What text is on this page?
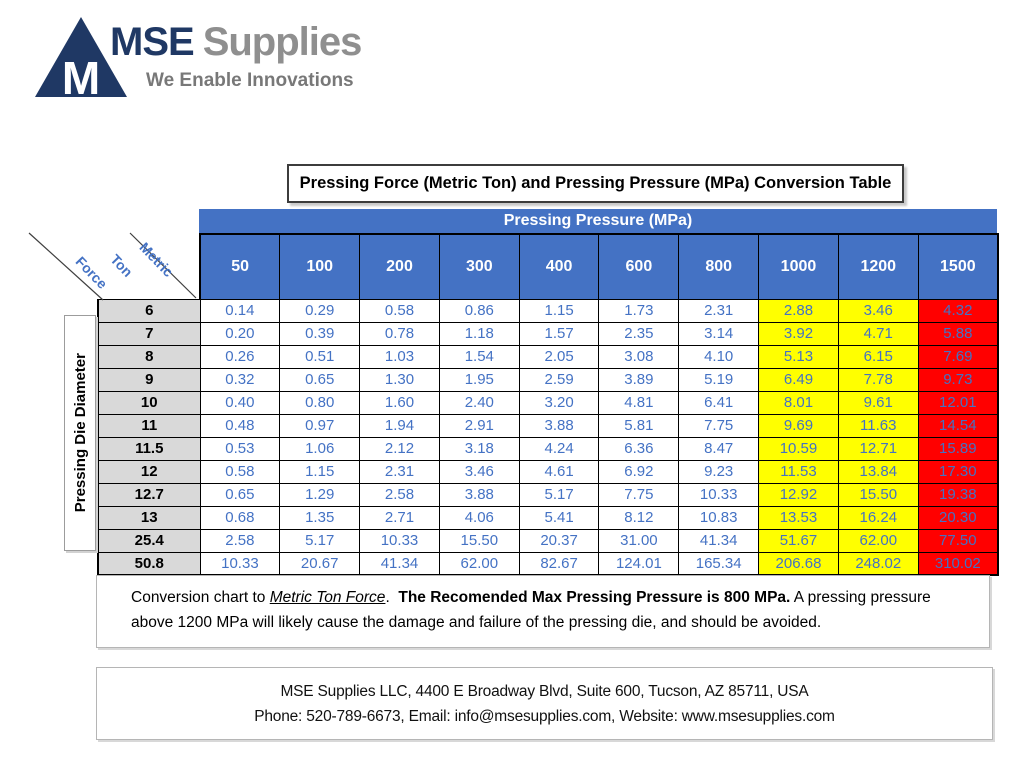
M
MSE Supplies
We Enable Innovations
Pressing Force (Metric Ton) and Pressing Pressure (MPa) Conversion Table
Pressing Pressure (MPa)
	50	100	200	300	400	600	800	1000	1200	1500
6	0.14	0.29	0.58	0.86	1.15	1.73	2.31	2.88	3.46	4.32
7	0.20	0.39	0.78	1.18	1.57	2.35	3.14	3.92	4.71	5.88
8	0.26	0.51	1.03	1.54	2.05	3.08	4.10	5.13	6.15	7.69
9	0.32	0.65	1.30	1.95	2.59	3.89	5.19	6.49	7.78	9.73
10	0.40	0.80	1.60	2.40	3.20	4.81	6.41	8.01	9.61	12.01
11	0.48	0.97	1.94	2.91	3.88	5.81	7.75	9.69	11.63	14.54
11.5	0.53	1.06	2.12	3.18	4.24	6.36	8.47	10.59	12.71	15.89
12	0.58	1.15	2.31	3.46	4.61	6.92	9.23	11.53	13.84	17.30
12.7	0.65	1.29	2.58	3.88	5.17	7.75	10.33	12.92	15.50	19.38
13	0.68	1.35	2.71	4.06	5.41	8.12	10.83	13.53	16.24	20.30
25.4	2.58	5.17	10.33	15.50	20.37	31.00	41.34	51.67	62.00	77.50
50.8	10.33	20.67	41.34	62.00	82.67	124.01	165.34	206.68	248.02	310.02
Force
Ton Metric
Pressing Die Diameter
Conversion chart to Metric Ton Force.  The Recomended Max Pressing Pressure is 800 MPa. A pressing pressure above 1200 MPa will likely cause the damage and failure of the pressing die, and should be avoided.
MSE Supplies LLC, 4400 E Broadway Blvd, Suite 600, Tucson, AZ 85711, USA
Phone: 520-789-6673, Email: info@msesupplies.com, Website: www.msesupplies.com
